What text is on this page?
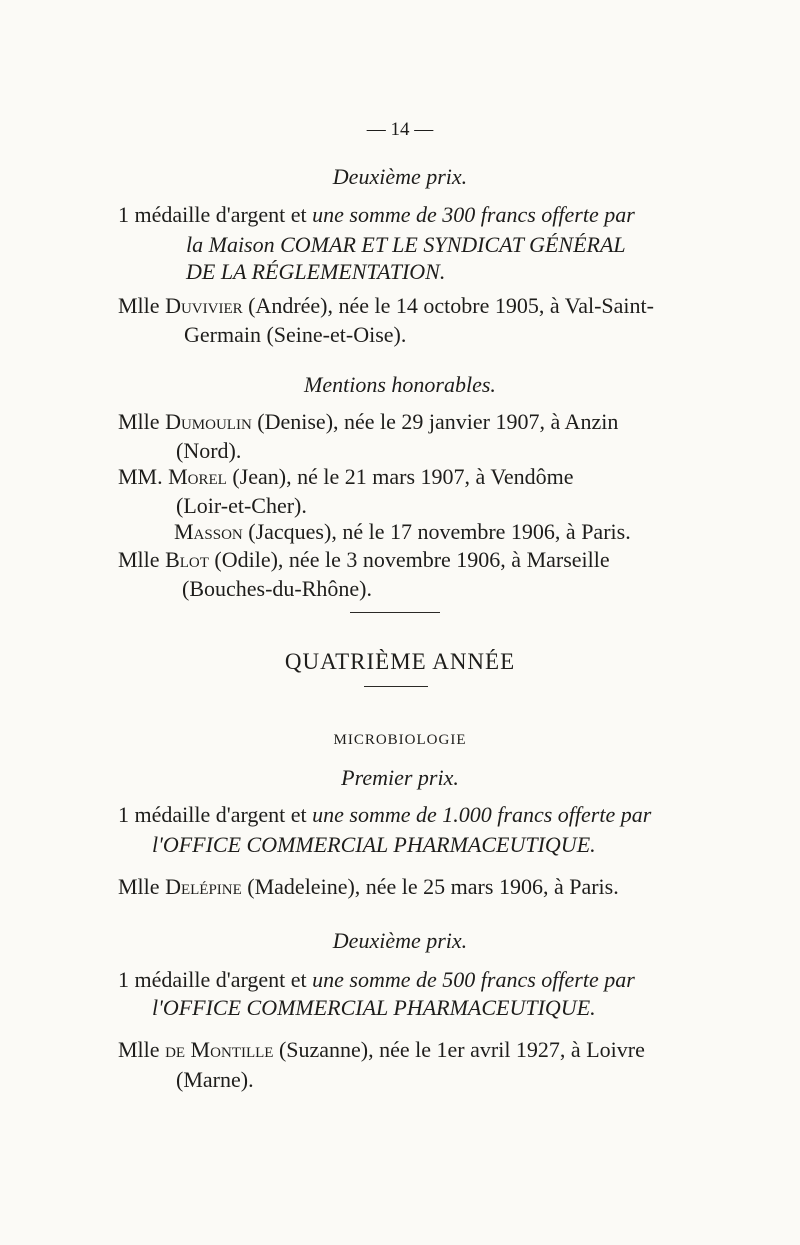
— 14 —
Deuxième prix.
1 médaille d'argent et une somme de 300 francs offerte par
la Maison COMAR ET LE SYNDICAT GÉNÉRAL
DE LA RÉGLEMENTATION.
Mlle Duvivier (Andrée), née le 14 octobre 1905, à Val-Saint-
Germain (Seine-et-Oise).
Mentions honorables.
Mlle Dumoulin (Denise), née le 29 janvier 1907, à Anzin
(Nord).
MM. Morel (Jean), né le 21 mars 1907, à Vendôme
(Loir-et-Cher).
Masson (Jacques), né le 17 novembre 1906, à Paris.
Mlle Blot (Odile), née le 3 novembre 1906, à Marseille
(Bouches-du-Rhône).
QUATRIÈME ANNÉE
MICROBIOLOGIE
Premier prix.
1 médaille d'argent et une somme de 1.000 francs offerte par
l'OFFICE COMMERCIAL PHARMACEUTIQUE.
Mlle Delépine (Madeleine), née le 25 mars 1906, à Paris.
Deuxième prix.
1 médaille d'argent et une somme de 500 francs offerte par
l'OFFICE COMMERCIAL PHARMACEUTIQUE.
Mlle de Montille (Suzanne), née le 1er avril 1927, à Loivre
(Marne).
